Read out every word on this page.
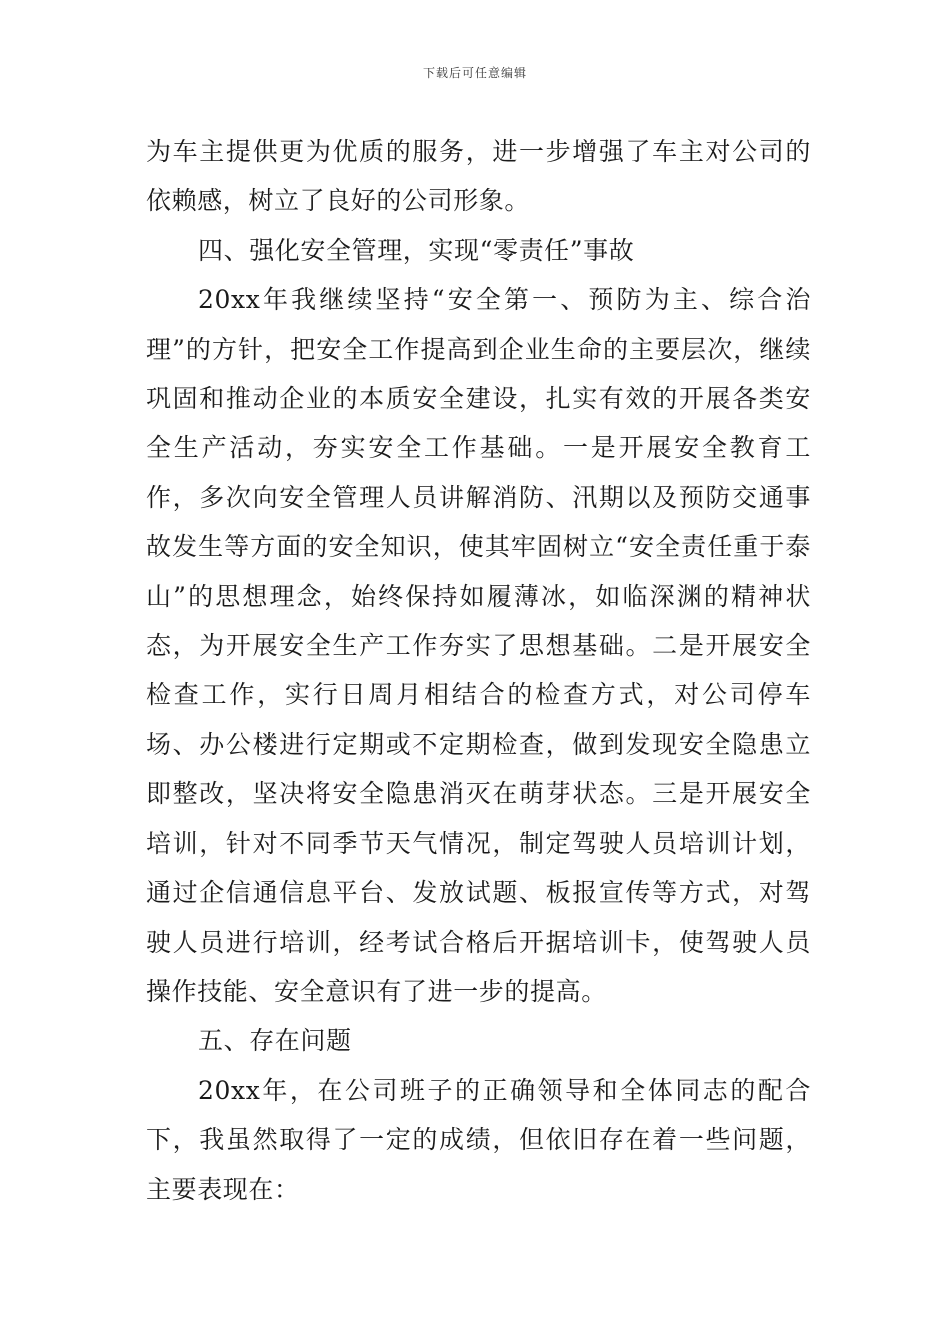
下载后可任意编辑

为车主提供更为优质的服务，进一步增强了车主对公司的依赖感，树立了良好的公司形象。

四、强化安全管理，实现“零责任”事故

20xx年我继续坚持“安全第一、预防为主、综合治理”的方针，把安全工作提高到企业生命的主要层次，继续巩固和推动企业的本质安全建设，扎实有效的开展各类安全生产活动，夯实安全工作基础。一是开展安全教育工作，多次向安全管理人员讲解消防、汛期以及预防交通事故发生等方面的安全知识，使其牢固树立“安全责任重于泰山”的思想理念，始终保持如履薄冰，如临深渊的精神状态，为开展安全生产工作夯实了思想基础。二是开展安全检查工作，实行日周月相结合的检查方式，对公司停车场、办公楼进行定期或不定期检查，做到发现安全隐患立即整改，坚决将安全隐患消灭在萌芽状态。三是开展安全培训，针对不同季节天气情况，制定驾驶人员培训计划，通过企信通信息平台、发放试题、板报宣传等方式，对驾驶人员进行培训，经考试合格后开据培训卡，使驾驶人员操作技能、安全意识有了进一步的提高。

五、存在问题

20xx年，在公司班子的正确领导和全体同志的配合下，我虽然取得了一定的成绩，但依旧存在着一些问题，主要表现在：
